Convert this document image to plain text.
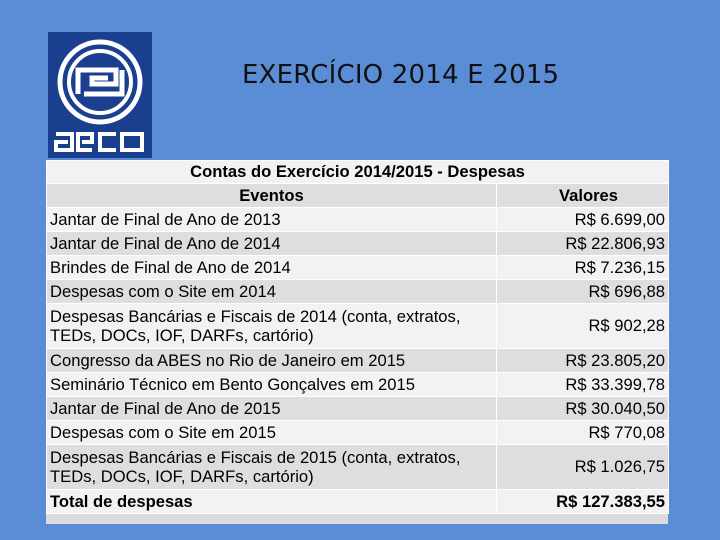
EXERCÍCIO 2014 E 2015
Contas do Exercício 2014/2015 - Despesas	
Eventos	Valores
Jantar de Final de Ano de 2013	R$ 6.699,00
Jantar de Final de Ano de 2014	R$ 22.806,93
Brindes de Final de Ano de 2014	R$ 7.236,15
Despesas com o Site em 2014	R$ 696,88
Despesas Bancárias e Fiscais de 2014 (conta, extratos, TEDs, DOCs, IOF, DARFs, cartório)	R$ 902,28
Congresso da ABES no Rio de Janeiro em 2015	R$ 23.805,20
Seminário Técnico em Bento Gonçalves em 2015	R$ 33.399,78
Jantar de Final de Ano de 2015	R$ 30.040,50
Despesas com o Site em 2015	R$ 770,08
Despesas Bancárias e Fiscais de 2015 (conta, extratos, TEDs, DOCs, IOF, DARFs, cartório)	R$ 1.026,75
Total de despesas	R$ 127.383,55
